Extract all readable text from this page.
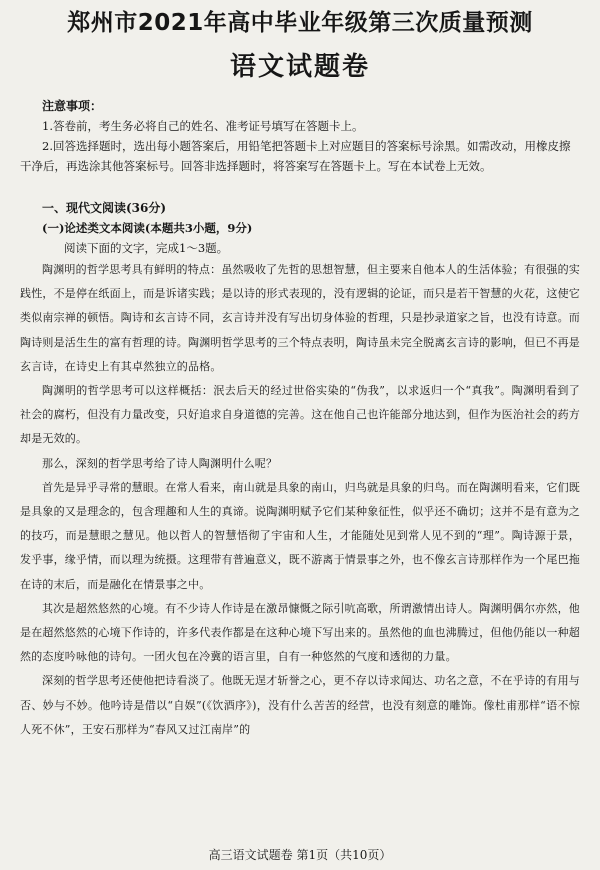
郑州市2021年高中毕业年级第三次质量预测
语文试题卷
注意事项：

1.答卷前，考生务必将自己的姓名、准考证号填写在答题卡上。

2.回答选择题时，选出每小题答案后，用铅笔把答题卡上对应题目的答案标号涂黑。如需改动，用橡皮擦干净后，再选涂其他答案标号。回答非选择题时，将答案写在答题卡上。写在本试卷上无效。

一、现代文阅读(36分)
(一)论述类文本阅读(本题共3小题，9分)
阅读下面的文字，完成1～3题。

陶渊明的哲学思考具有鲜明的特点：虽然吸收了先哲的思想智慧，但主要来自他本人的生活体验；有很强的实践性，不是停在纸面上，而是诉诸实践；是以诗的形式表现的，没有逻辑的论证，而只是若干智慧的火花，这使它类似南宗禅的顿悟。陶诗和玄言诗不同，玄言诗并没有写出切身体验的哲理，只是抄录道家之旨，也没有诗意。而陶诗则是活生生的富有哲理的诗。陶渊明哲学思考的三个特点表明，陶诗虽未完全脱离玄言诗的影响，但已不再是玄言诗，在诗史上有其卓然独立的品格。

陶渊明的哲学思考可以这样概括：泯去后天的经过世俗实染的“伪我”，以求返归一个“真我”。陶渊明看到了社会的腐朽，但没有力量改变，只好追求自身道德的完善。这在他自己也许能部分地达到，但作为医治社会的药方却是无效的。

那么，深刻的哲学思考给了诗人陶渊明什么呢？

首先是异乎寻常的慧眼。在常人看来，南山就是具象的南山，归鸟就是具象的归鸟。而在陶渊明看来，它们既是具象的又是理念的，包含理趣和人生的真谛。说陶渊明赋予它们某种象征性，似乎还不确切；这并不是有意为之的技巧，而是慧眼之慧见。他以哲人的智慧悟彻了宇宙和人生，才能随处见到常人见不到的“理”。陶诗源于景，发乎事，缘乎情，而以理为统摄。这理带有普遍意义，既不游离于情景事之外，也不像玄言诗那样作为一个尾巴拖在诗的末后，而是融化在情景事之中。

其次是超然悠然的心境。有不少诗人作诗是在激昂慷慨之际引吭高歌，所谓激情出诗人。陶渊明偶尔亦然，他是在超然悠然的心境下作诗的，许多代表作都是在这种心境下写出来的。虽然他的血也沸腾过，但他仍能以一种超然的态度吟咏他的诗句。一团火包在冷冀的语言里，自有一种悠然的气度和透彻的力量。

深刻的哲学思考还使他把诗看淡了。他既无逞才斩誉之心，更不存以诗求闻达、功名之意，不在乎诗的有用与否、妙与不妙。他吟诗是借以“自娱”(《饮酒序》)，没有什么苦苦的经营，也没有刻意的雕饰。像杜甫那样“语不惊人死不休”，王安石那样为“春风又过江南岸”的

高三语文试题卷 第1页（共10页）
